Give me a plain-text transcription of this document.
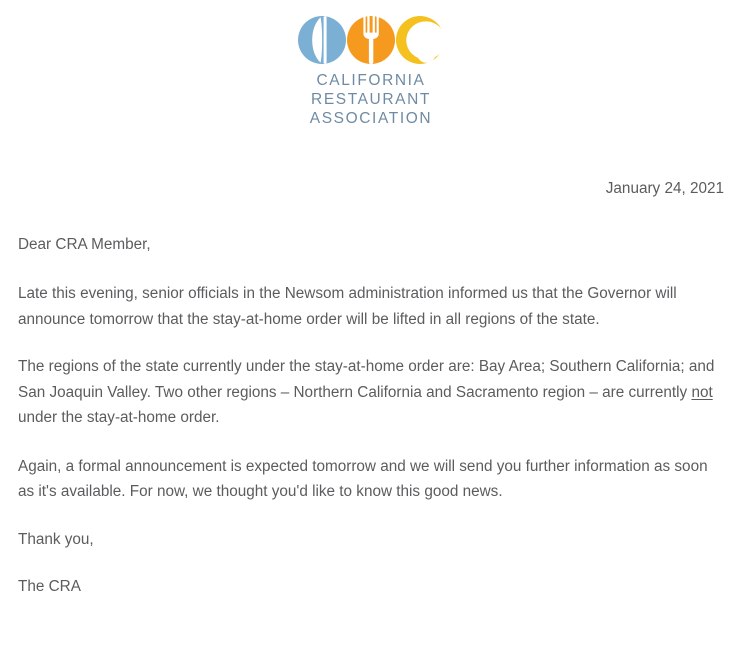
CALIFORNIA
RESTAURANT
ASSOCIATION
January 24, 2021
Dear CRA Member,

Late this evening, senior officials in the Newsom administration informed us that the Governor will announce tomorrow that the stay-at-home order will be lifted in all regions of the state.

The regions of the state currently under the stay-at-home order are: Bay Area; Southern California; and San Joaquin Valley. Two other regions – Northern California and Sacramento region – are currently not under the stay-at-home order.

Again, a formal announcement is expected tomorrow and we will send you further information as soon as it's available. For now, we thought you'd like to know this good news.

Thank you,
The CRA
